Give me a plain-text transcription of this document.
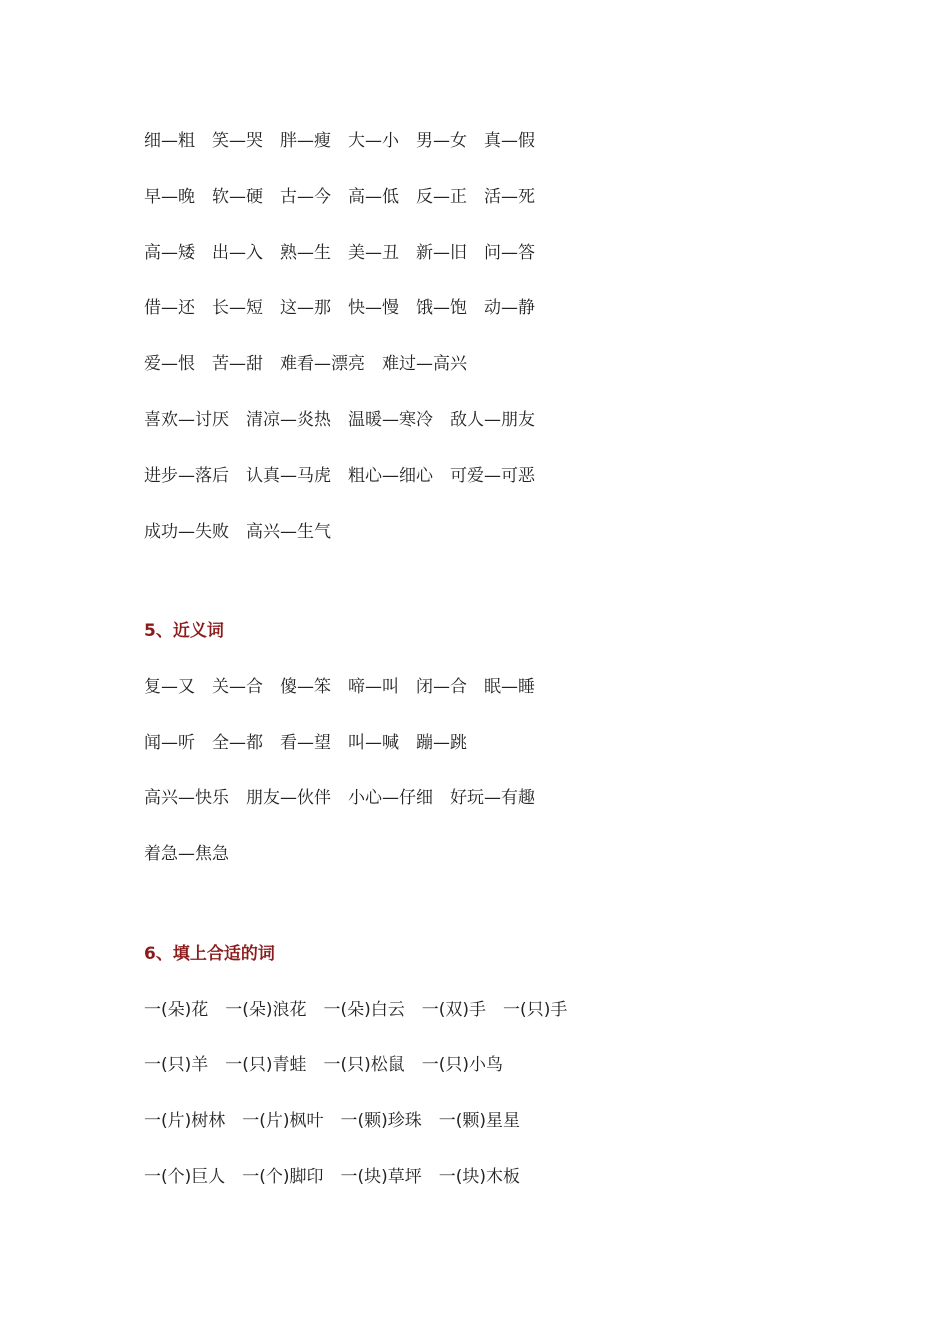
细—粗　笑—哭　胖—瘦　大—小　男—女　真—假
早—晚　软—硬　古—今　高—低　反—正　活—死
高—矮　出—入　熟—生　美—丑　新—旧　问—答
借—还　长—短　这—那　快—慢　饿—饱　动—静
爱—恨　苦—甜　难看—漂亮　难过—高兴
喜欢—讨厌　清凉—炎热　温暖—寒冷　敌人—朋友
进步—落后　认真—马虎　粗心—细心　可爱—可恶
成功—失败　高兴—生气
5、近义词
复—又　关—合　傻—笨　啼—叫　闭—合　眠—睡
闻—听　全—都　看—望　叫—喊　蹦—跳
高兴—快乐　朋友—伙伴　小心—仔细　好玩—有趣
着急—焦急
6、填上合适的词
一(朵)花　一(朵)浪花　一(朵)白云　一(双)手　一(只)手
一(只)羊　一(只)青蛙　一(只)松鼠　一(只)小鸟
一(片)树林　一(片)枫叶　一(颗)珍珠　一(颗)星星
一(个)巨人　一(个)脚印　一(块)草坪　一(块)木板
